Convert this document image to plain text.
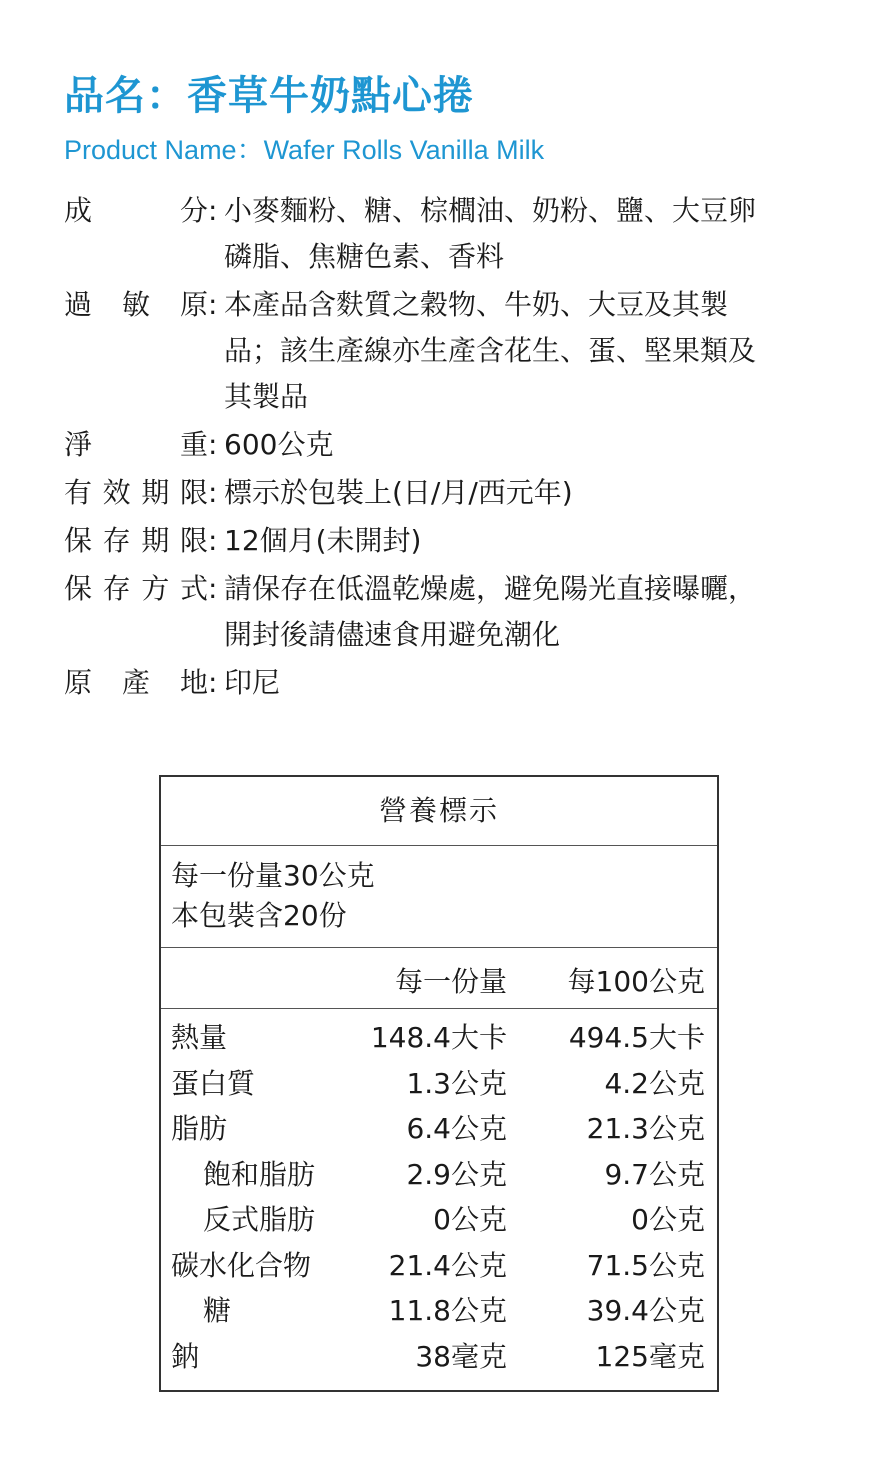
品名：香草牛奶點心捲
Product Name：Wafer Rolls Vanilla Milk
成	分 : 小麥麵粉、糖、棕櫚油、奶粉、鹽、大豆卵
磷脂、焦糖色素、香料
過 敏 原 : 本產品含麩質之穀物、牛奶、大豆及其製
品；該生產線亦生產含花生、蛋、堅果類及
其製品
淨	重 : 600公克
有 效 期 限 : 標示於包裝上(日/月/西元年)
保 存 期 限 : 12個月(未開封)
保 存 方 式 : 請保存在低溫乾燥處，避免陽光直接曝曬，
開封後請儘速食用避免潮化
原 產 地 : 印尼
營養標示
每一份量30公克
本包裝含20份
每一份量 每100公克
熱量	148.4大卡 494.5大卡
蛋白質	1.3公克	4.2公克
脂肪	6.4公克	21.3公克
飽和脂肪	2.9公克	9.7公克
反式脂肪	0公克	0公克
碳水化合物	21.4公克	71.5公克
糖	11.8公克	39.4公克
鈉	38毫克	125毫克
